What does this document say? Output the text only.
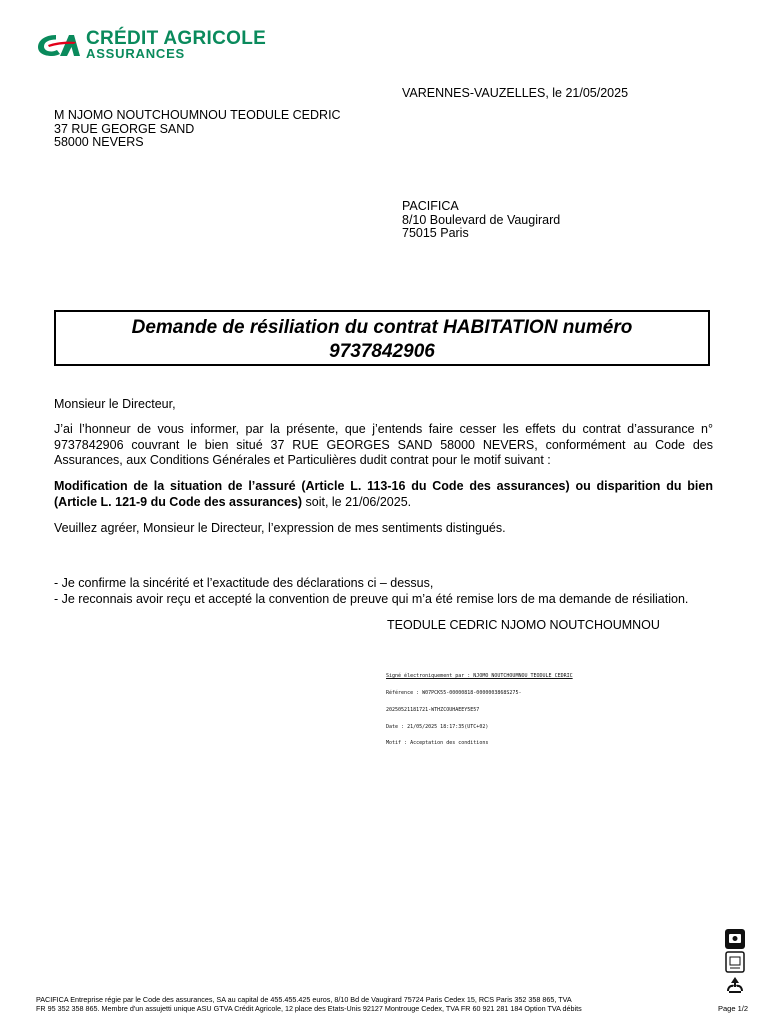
CRÉDIT AGRICOLE
ASSURANCES
VARENNES-VAUZELLES, le 21/05/2025
M NJOMO NOUTCHOUMNOU TEODULE CEDRIC
37 RUE GEORGE SAND
58000 NEVERS
PACIFICA
8/10 Boulevard de Vaugirard
75015 Paris
Demande de résiliation du contrat HABITATION numéro
9737842906
Monsieur le Directeur,
J’ai l’honneur de vous informer, par la présente, que j’entends faire cesser les effets du contrat d’assurance n° 9737842906 couvrant le bien situé 37 RUE GEORGES SAND 58000 NEVERS, conformément au Code des Assurances, aux Conditions Générales et Particulières dudit contrat pour le motif suivant :
Modification de la situation de l’assuré (Article L. 113-16 du Code des assurances) ou disparition du bien (Article L. 121-9 du Code des assurances) soit, le 21/06/2025.
Veuillez agréer, Monsieur le Directeur, l’expression de mes sentiments distingués.
- Je confirme la sincérité et l’exactitude des déclarations ci – dessus,
- Je reconnais avoir reçu et accepté la convention de preuve qui m’a été remise lors de ma demande de résiliation.
TEODULE CEDRIC NJOMO NOUTCHOUMNOU

Signé électroniquement par : NJOMO NOUTCHOUMNOU TEODULE CEDRIC

Référence : W07PCK55-00000818-0000003868S275-

20250521181721-WTHZCOUHAEEY5E57

Date : 21/05/2025 18:17:35(UTC+02)

Motif : Acceptation des conditions

PACIFICA Entreprise régie par le Code des assurances, SA au capital de 455.455.425 euros, 8/10 Bd de Vaugirard 75724 Paris Cedex 15, RCS Paris 352 358 865, TVA
FR 95 352 358 865. Membre d'un assujetti unique ASU GTVA Crédit Agricole, 12 place des Etats-Unis 92127 Montrouge Cedex, TVA FR 60 921 281 184 Option TVA débits	Page 1/2
